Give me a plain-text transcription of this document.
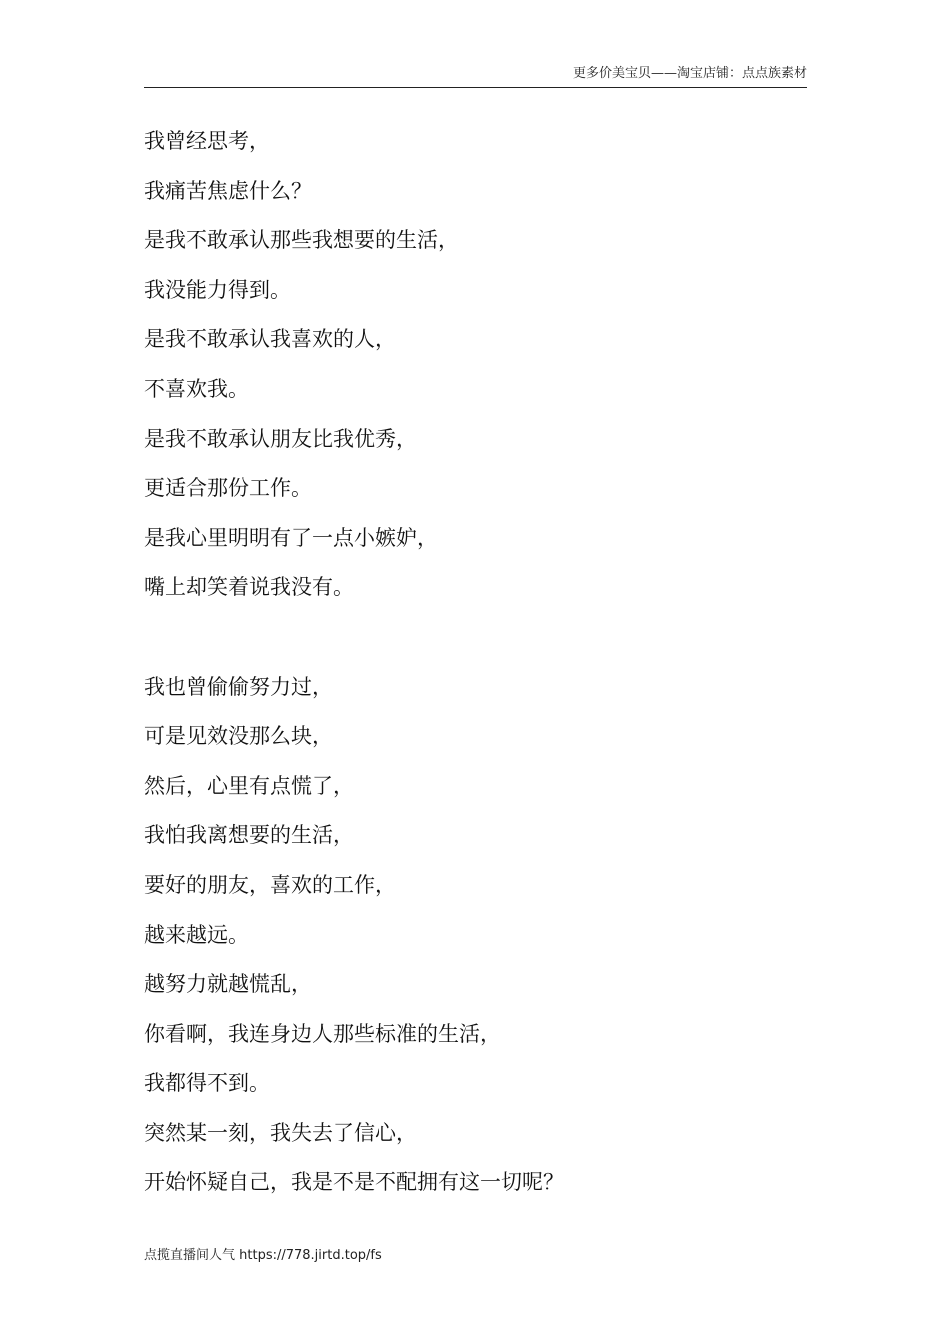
更多价美宝贝——淘宝店铺：点点族素材
我曾经思考，
我痛苦焦虑什么？
是我不敢承认那些我想要的生活，
我没能力得到。
是我不敢承认我喜欢的人，
不喜欢我。
是我不敢承认朋友比我优秀，
更适合那份工作。
是我心里明明有了一点小嫉妒，
嘴上却笑着说我没有。
我也曾偷偷努力过，
可是见效没那么块，
然后，心里有点慌了，
我怕我离想要的生活，
要好的朋友，喜欢的工作，
越来越远。
越努力就越慌乱，
你看啊，我连身边人那些标准的生活，
我都得不到。
突然某一刻，我失去了信心，
开始怀疑自己，我是不是不配拥有这一切呢？
点揽直播间人气 https://778.jirtd.top/fs
